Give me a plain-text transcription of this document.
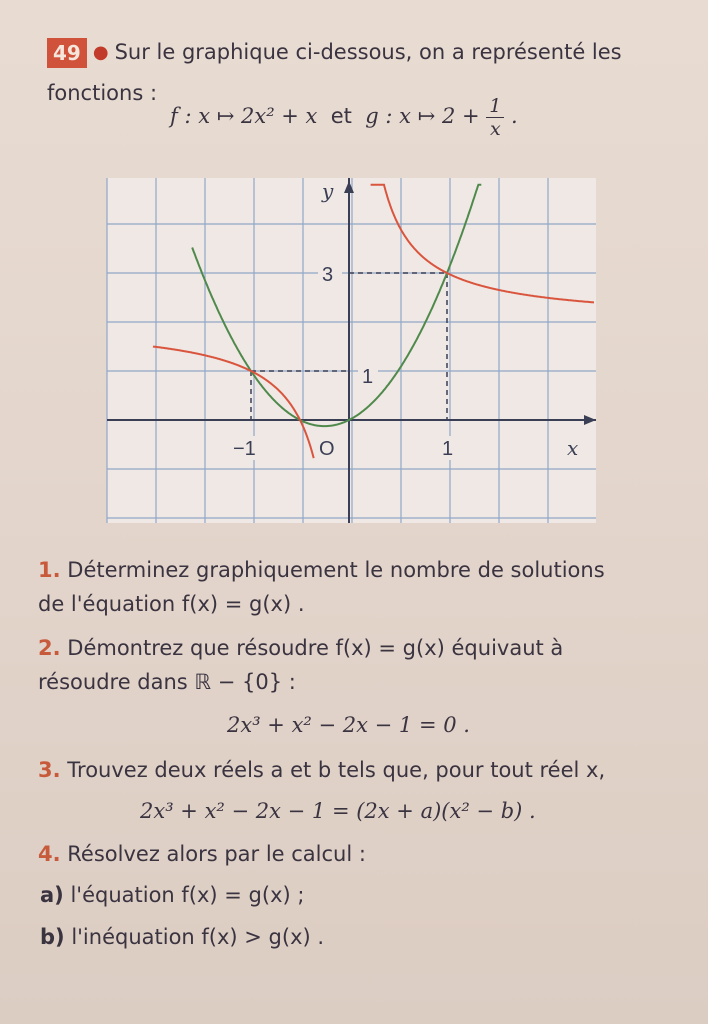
49 ● Sur le graphique ci-dessous, on a représenté les
fonctions :
f : x ↦ 2x² + x et g : x ↦ $2 + \frac{1}{x}$ .
y
x
3
1
−1	O	1
1. Déterminez graphiquement le nombre de solutions
de l'équation f(x) = g(x) .
2. Démontrez que résoudre f(x) = g(x) équivaut à
résoudre dans ℝ − {0} :
2x³ + x² − 2x − 1 = 0 .
3. Trouvez deux réels a et b tels que, pour tout réel x,
2x³ + x² − 2x − 1 = (2x + a)(x² − b) .
4. Résolvez alors par le calcul :
a) l'équation f(x) = g(x) ;
b) l'inéquation f(x) > g(x) .
